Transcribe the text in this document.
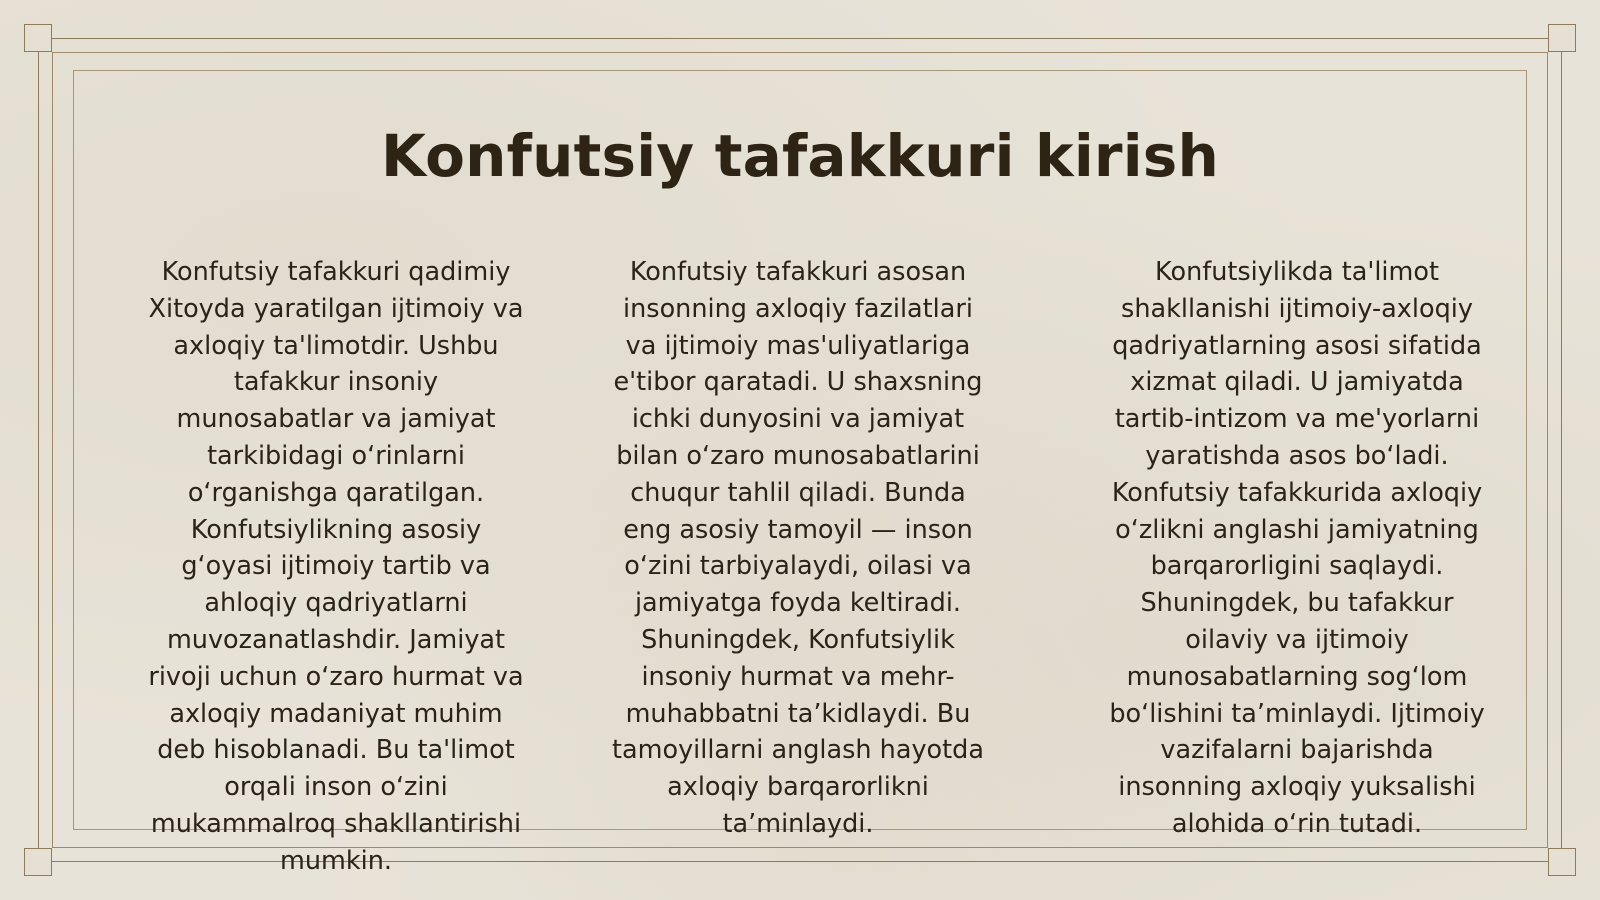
Konfutsiy tafakkuri kirish

Konfutsiy tafakkuri qadimiy Xitoyda yaratilgan ijtimoiy va axloqiy ta'limotdir. Ushbu tafakkur insoniy munosabatlar va jamiyat tarkibidagi o‘rinlarni o‘rganishga qaratilgan. Konfutsiylikning asosiy g‘oyasi ijtimoiy tartib va ahloqiy qadriyatlarni muvozanatlashdir. Jamiyat rivoji uchun o‘zaro hurmat va axloqiy madaniyat muhim deb hisoblanadi. Bu ta'limot orqali inson o‘zini mukammalroq shakllantirishi mumkin.

Konfutsiy tafakkuri asosan insonning axloqiy fazilatlari va ijtimoiy mas'uliyatlariga e'tibor qaratadi. U shaxsning ichki dunyosini va jamiyat bilan o‘zaro munosabatlarini chuqur tahlil qiladi. Bunda eng asosiy tamoyil — inson o‘zini tarbiyalaydi, oilasi va jamiyatga foyda keltiradi. Shuningdek, Konfutsiylik insoniy hurmat va mehr-muhabbatni ta’kidlaydi. Bu tamoyillarni anglash hayotda axloqiy barqarorlikni ta’minlaydi.

Konfutsiylikda ta'limot shakllanishi ijtimoiy-axloqiy qadriyatlarning asosi sifatida xizmat qiladi. U jamiyatda tartib-intizom va me'yorlarni yaratishda asos bo‘ladi. Konfutsiy tafakkurida axloqiy o‘zlikni anglashi jamiyatning barqarorligini saqlaydi. Shuningdek, bu tafakkur oilaviy va ijtimoiy munosabatlarning sog‘lom bo‘lishini ta’minlaydi. Ijtimoiy vazifalarni bajarishda insonning axloqiy yuksalishi alohida o‘rin tutadi.
